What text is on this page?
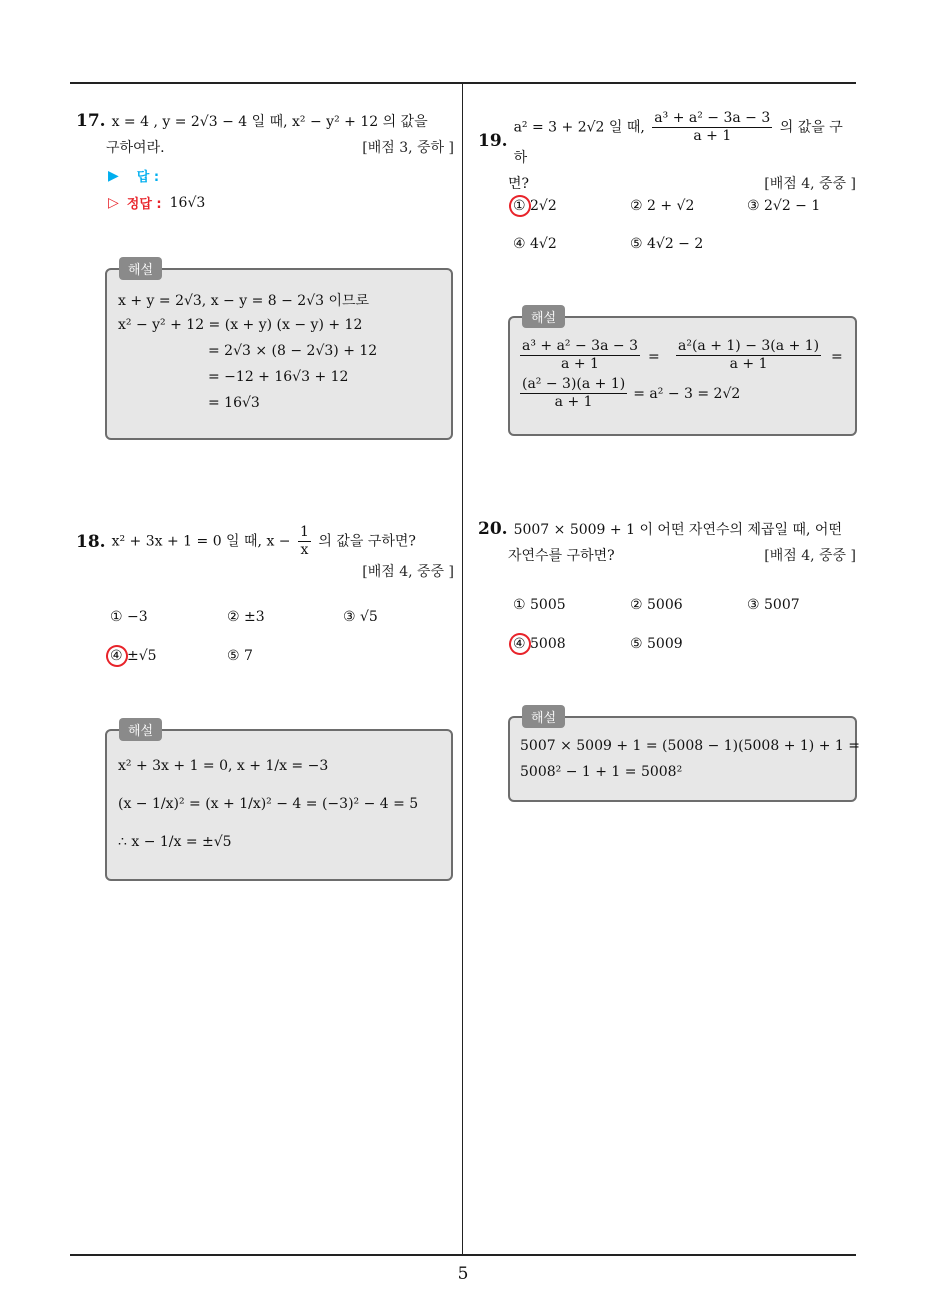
5
17. x = 4 , y = 2√3 − 4 일 때, x² − y² + 12 의 값을
구하여라.	[배점 3, 중하 ]
▶ 답 :
▷ 정답 : 16√3
해설
x + y = 2√3, x − y = 8 − 2√3 이므로
x² − y² + 12 = (x + y) (x − y) + 12
= 2√3 × (8 − 2√3) + 12
= −12 + 16√3 + 12
= 16√3
18. x² + 3x + 1 = 0 일 때, $x - \frac{1}{x}$ 의 값을 구하면?
[배점 4, 중중 ]
① −3	② ±3	③ √5
④ ±√5	⑤ 7
해설
x² + 3x + 1 = 0, x + 1/x = −3
(x − 1/x)² = (x + 1/x)² − 4 = (−3)² − 4 = 5
∴ x − 1/x = ±√5
19.
a² = 3 + 2√2 일 때, $\frac{\text{a³ + a² − 3a − 3}}{a + 1}$ 의 값을 구하
면?	[배점 4, 중중 ]
① 2√2	② 2 + √2	③ 2√2 − 1
④ 4√2	⑤ 4√2 − 2
해설
$\frac{\text{a³ + a² − 3a − 3}}{a + 1} = \frac{\text{a²(a + 1) − 3(a + 1)}}{a + 1}$ =
$\frac{\text{(a² − 3)(a + 1)}}{a + 1} = a^2 - 3 = 2√2$
20. 5007 × 5009 + 1 이 어떤 자연수의 제곱일 때, 어떤
자연수를 구하면?	[배점 4, 중중 ]
① 5005	② 5006	③ 5007
④ 5008	⑤ 5009
해설
5007 × 5009 + 1 = (5008 − 1)(5008 + 1) + 1 =
5008² − 1 + 1 = 5008²
